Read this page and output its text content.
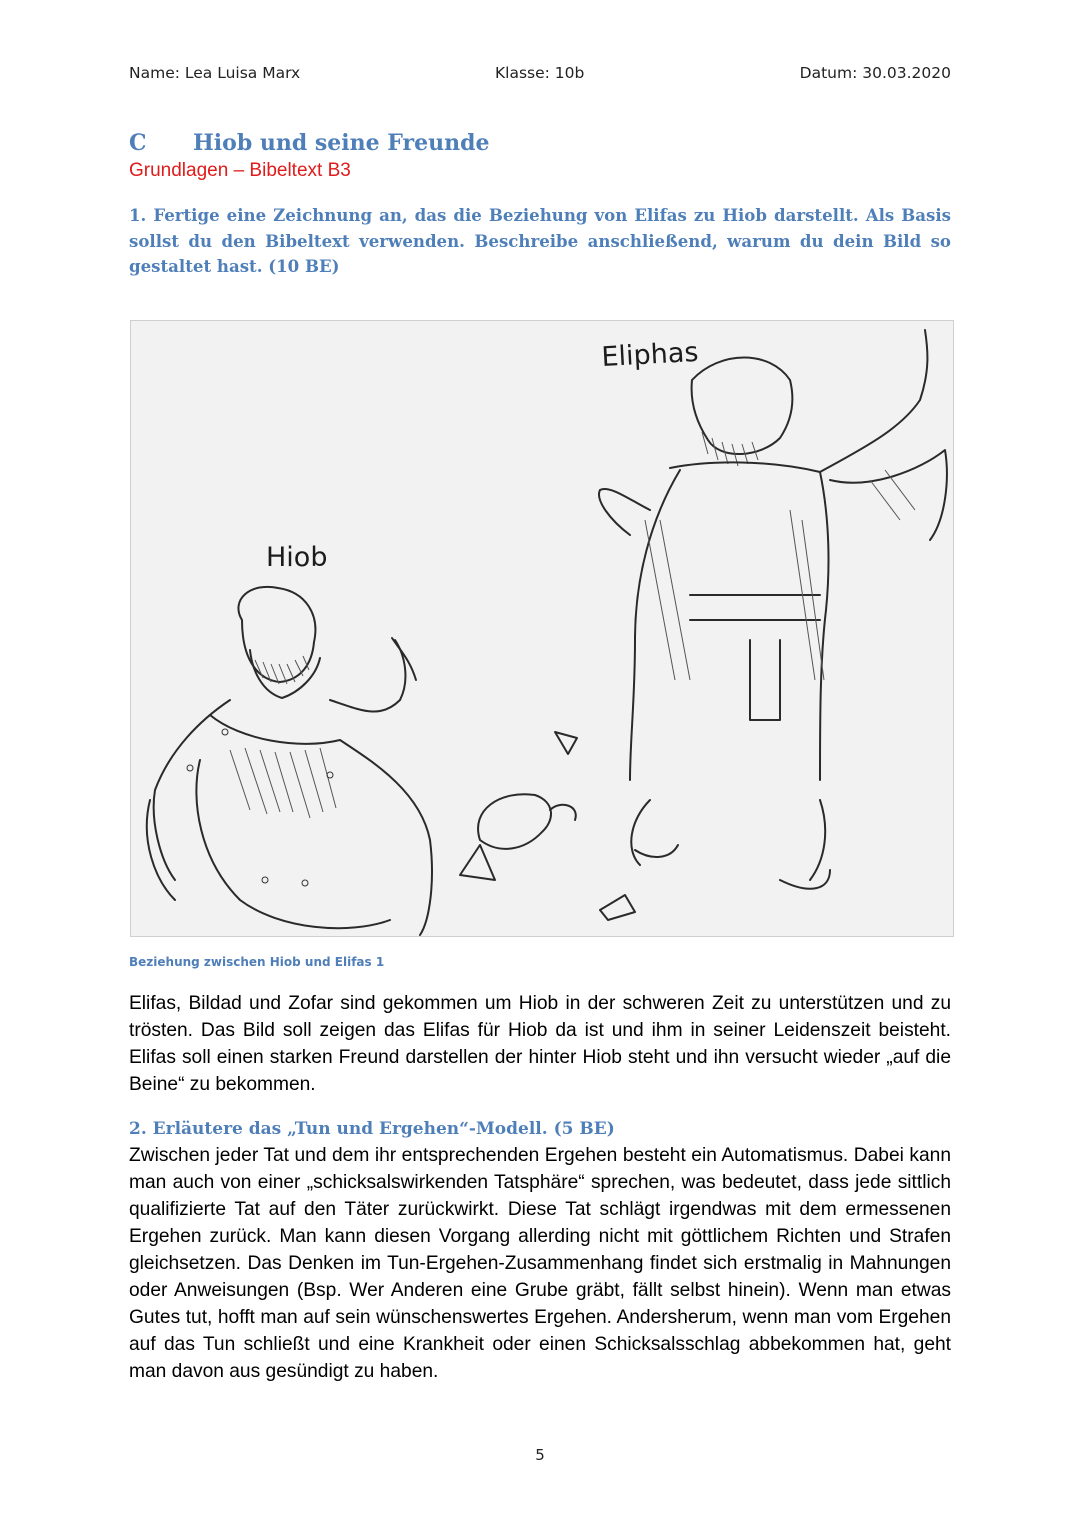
Name: Lea Luisa Marx	Klasse: 10b	Datum: 30.03.2020
C Hiob und seine Freunde
Grundlagen – Bibeltext B3
1. Fertige eine Zeichnung an, das die Beziehung von Elifas zu Hiob darstellt. Als Basis sollst du den Bibeltext verwenden. Beschreibe anschließend, warum du dein Bild so gestaltet hast. (10 BE)
Hiob
Eliphas
Beziehung zwischen Hiob und Elifas 1
Elifas, Bildad und Zofar sind gekommen um Hiob in der schweren Zeit zu unterstützen und zu trösten. Das Bild soll zeigen das Elifas für Hiob da ist und ihm in seiner Leidenszeit beisteht. Elifas soll einen starken Freund darstellen der hinter Hiob steht und ihn versucht wieder „auf die Beine“ zu bekommen.
2. Erläutere das „Tun und Ergehen“-Modell. (5 BE)
Zwischen jeder Tat und dem ihr entsprechenden Ergehen besteht ein Automatismus. Dabei kann man auch von einer „schicksalswirkenden Tatsphäre“ sprechen, was bedeutet, dass jede sittlich qualifizierte Tat auf den Täter zurückwirkt. Diese Tat schlägt irgendwas mit dem ermessenen Ergehen zurück. Man kann diesen Vorgang allerding nicht mit göttlichem Richten und Strafen gleichsetzen. Das Denken im Tun-Ergehen-Zusammenhang findet sich erstmalig in Mahnungen oder Anweisungen (Bsp. Wer Anderen eine Grube gräbt, fällt selbst hinein). Wenn man etwas Gutes tut, hofft man auf sein wünschenswertes Ergehen. Andersherum, wenn man vom Ergehen auf das Tun schließt und eine Krankheit oder einen Schicksalsschlag abbekommen hat, geht man davon aus gesündigt zu haben.
5
